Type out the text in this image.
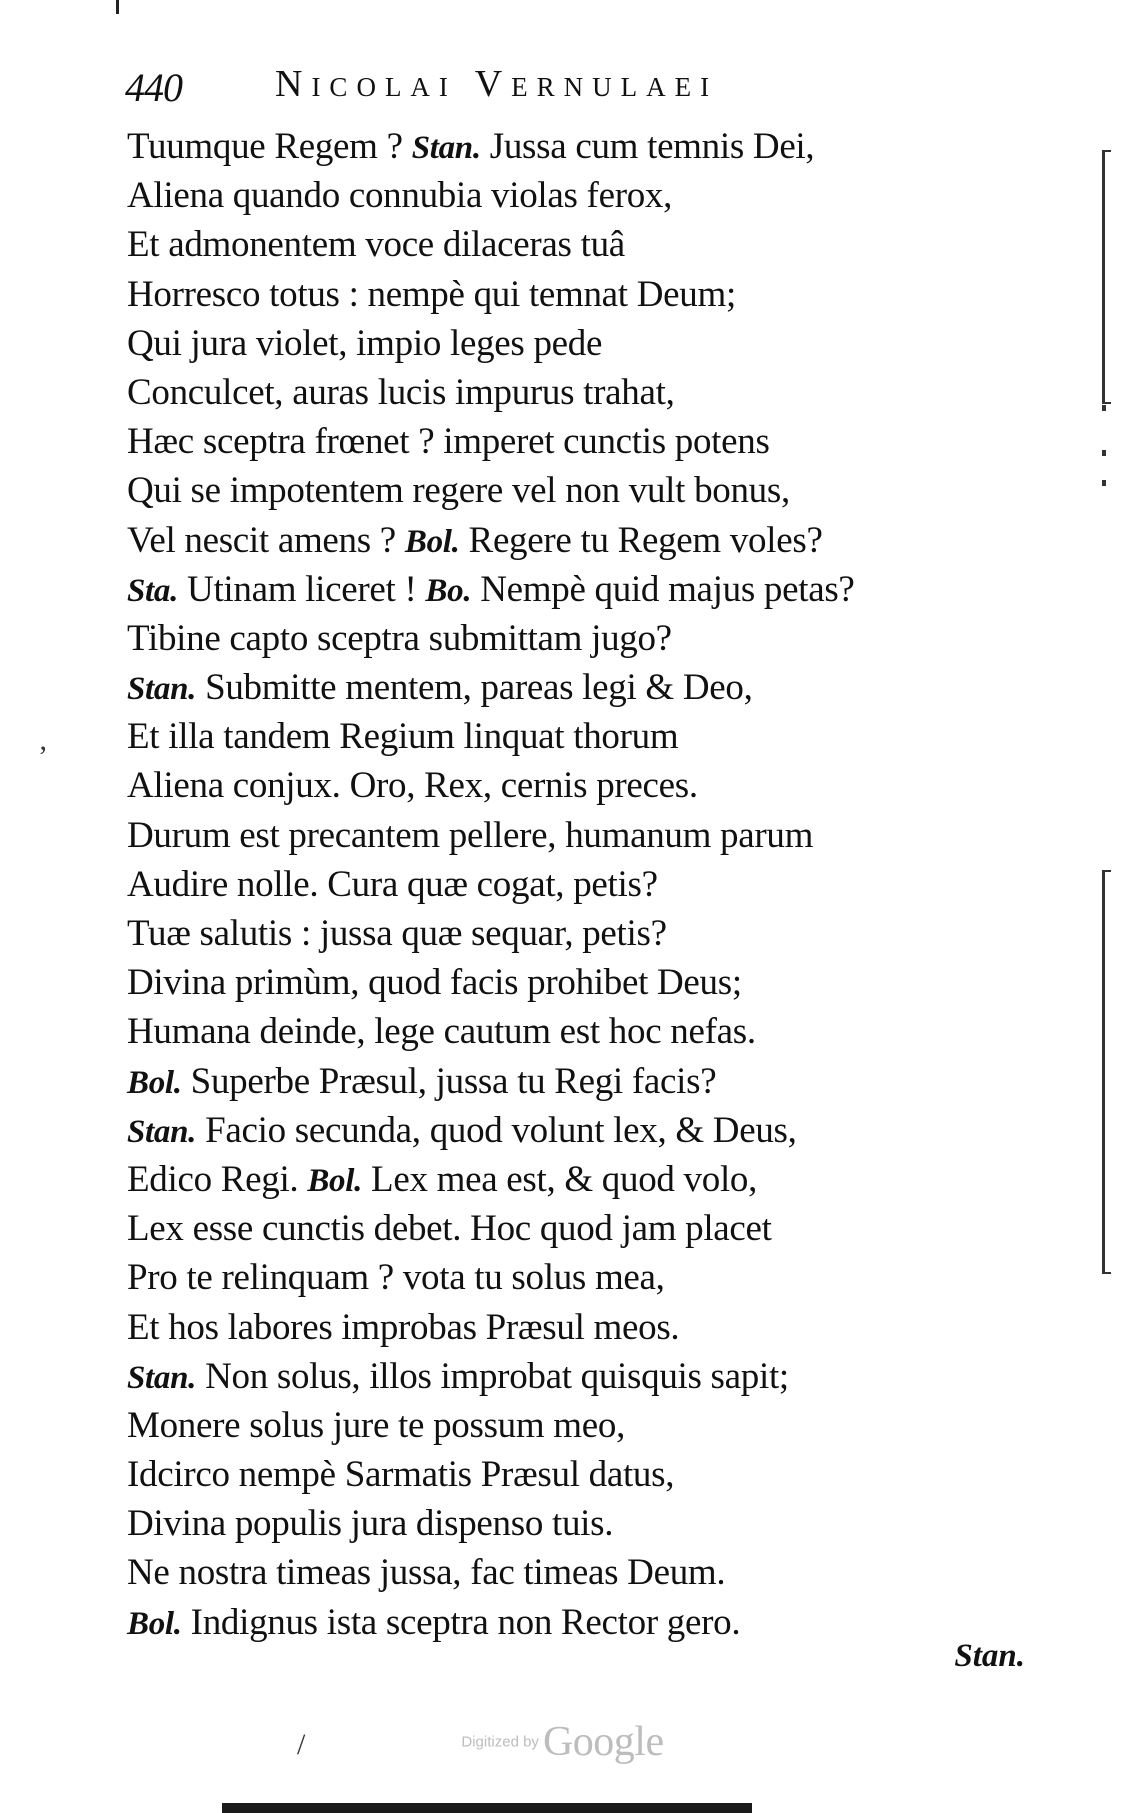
440 Nicolai Vernulaei
Tuumque Regem ? Stan. Jussa cum temnis Dei,
Aliena quando connubia violas ferox,
Et admonentem voce dilaceras tuâ
Horresco totus : nempè qui temnat Deum;
Qui jura violet, impio leges pede
Conculcet, auras lucis impurus trahat,
Hæc sceptra frœnet ? imperet cunctis potens
Qui se impotentem regere vel non vult bonus,
Vel nescit amens ? Bol. Regere tu Regem voles?
Sta. Utinam liceret ! Bo. Nempè quid majus petas?
Tibine capto sceptra submittam jugo?
Stan. Submitte mentem, pareas legi & Deo,
Et illa tandem Regium linquat thorum
Aliena conjux. Oro, Rex, cernis preces.
Durum est precantem pellere, humanum parum
Audire nolle. Cura quæ cogat, petis?
Tuæ salutis : jussa quæ sequar, petis?
Divina primùm, quod facis prohibet Deus;
Humana deinde, lege cautum est hoc nefas.
Bol. Superbe Præsul, jussa tu Regi facis?
Stan. Facio secunda, quod volunt lex, & Deus,
Edico Regi. Bol. Lex mea est, & quod volo,
Lex esse cunctis debet. Hoc quod jam placet
Pro te relinquam ? vota tu solus mea,
Et hos labores improbas Præsul meos.
Stan. Non solus, illos improbat quisquis sapit;
Monere solus jure te possum meo,
Idcirco nempè Sarmatis Præsul datus,
Divina populis jura dispenso tuis.
Ne nostra timeas jussa, fac timeas Deum.
Bol. Indignus ista sceptra non Rector gero.
Stan.
’
/	Digitized by Google
